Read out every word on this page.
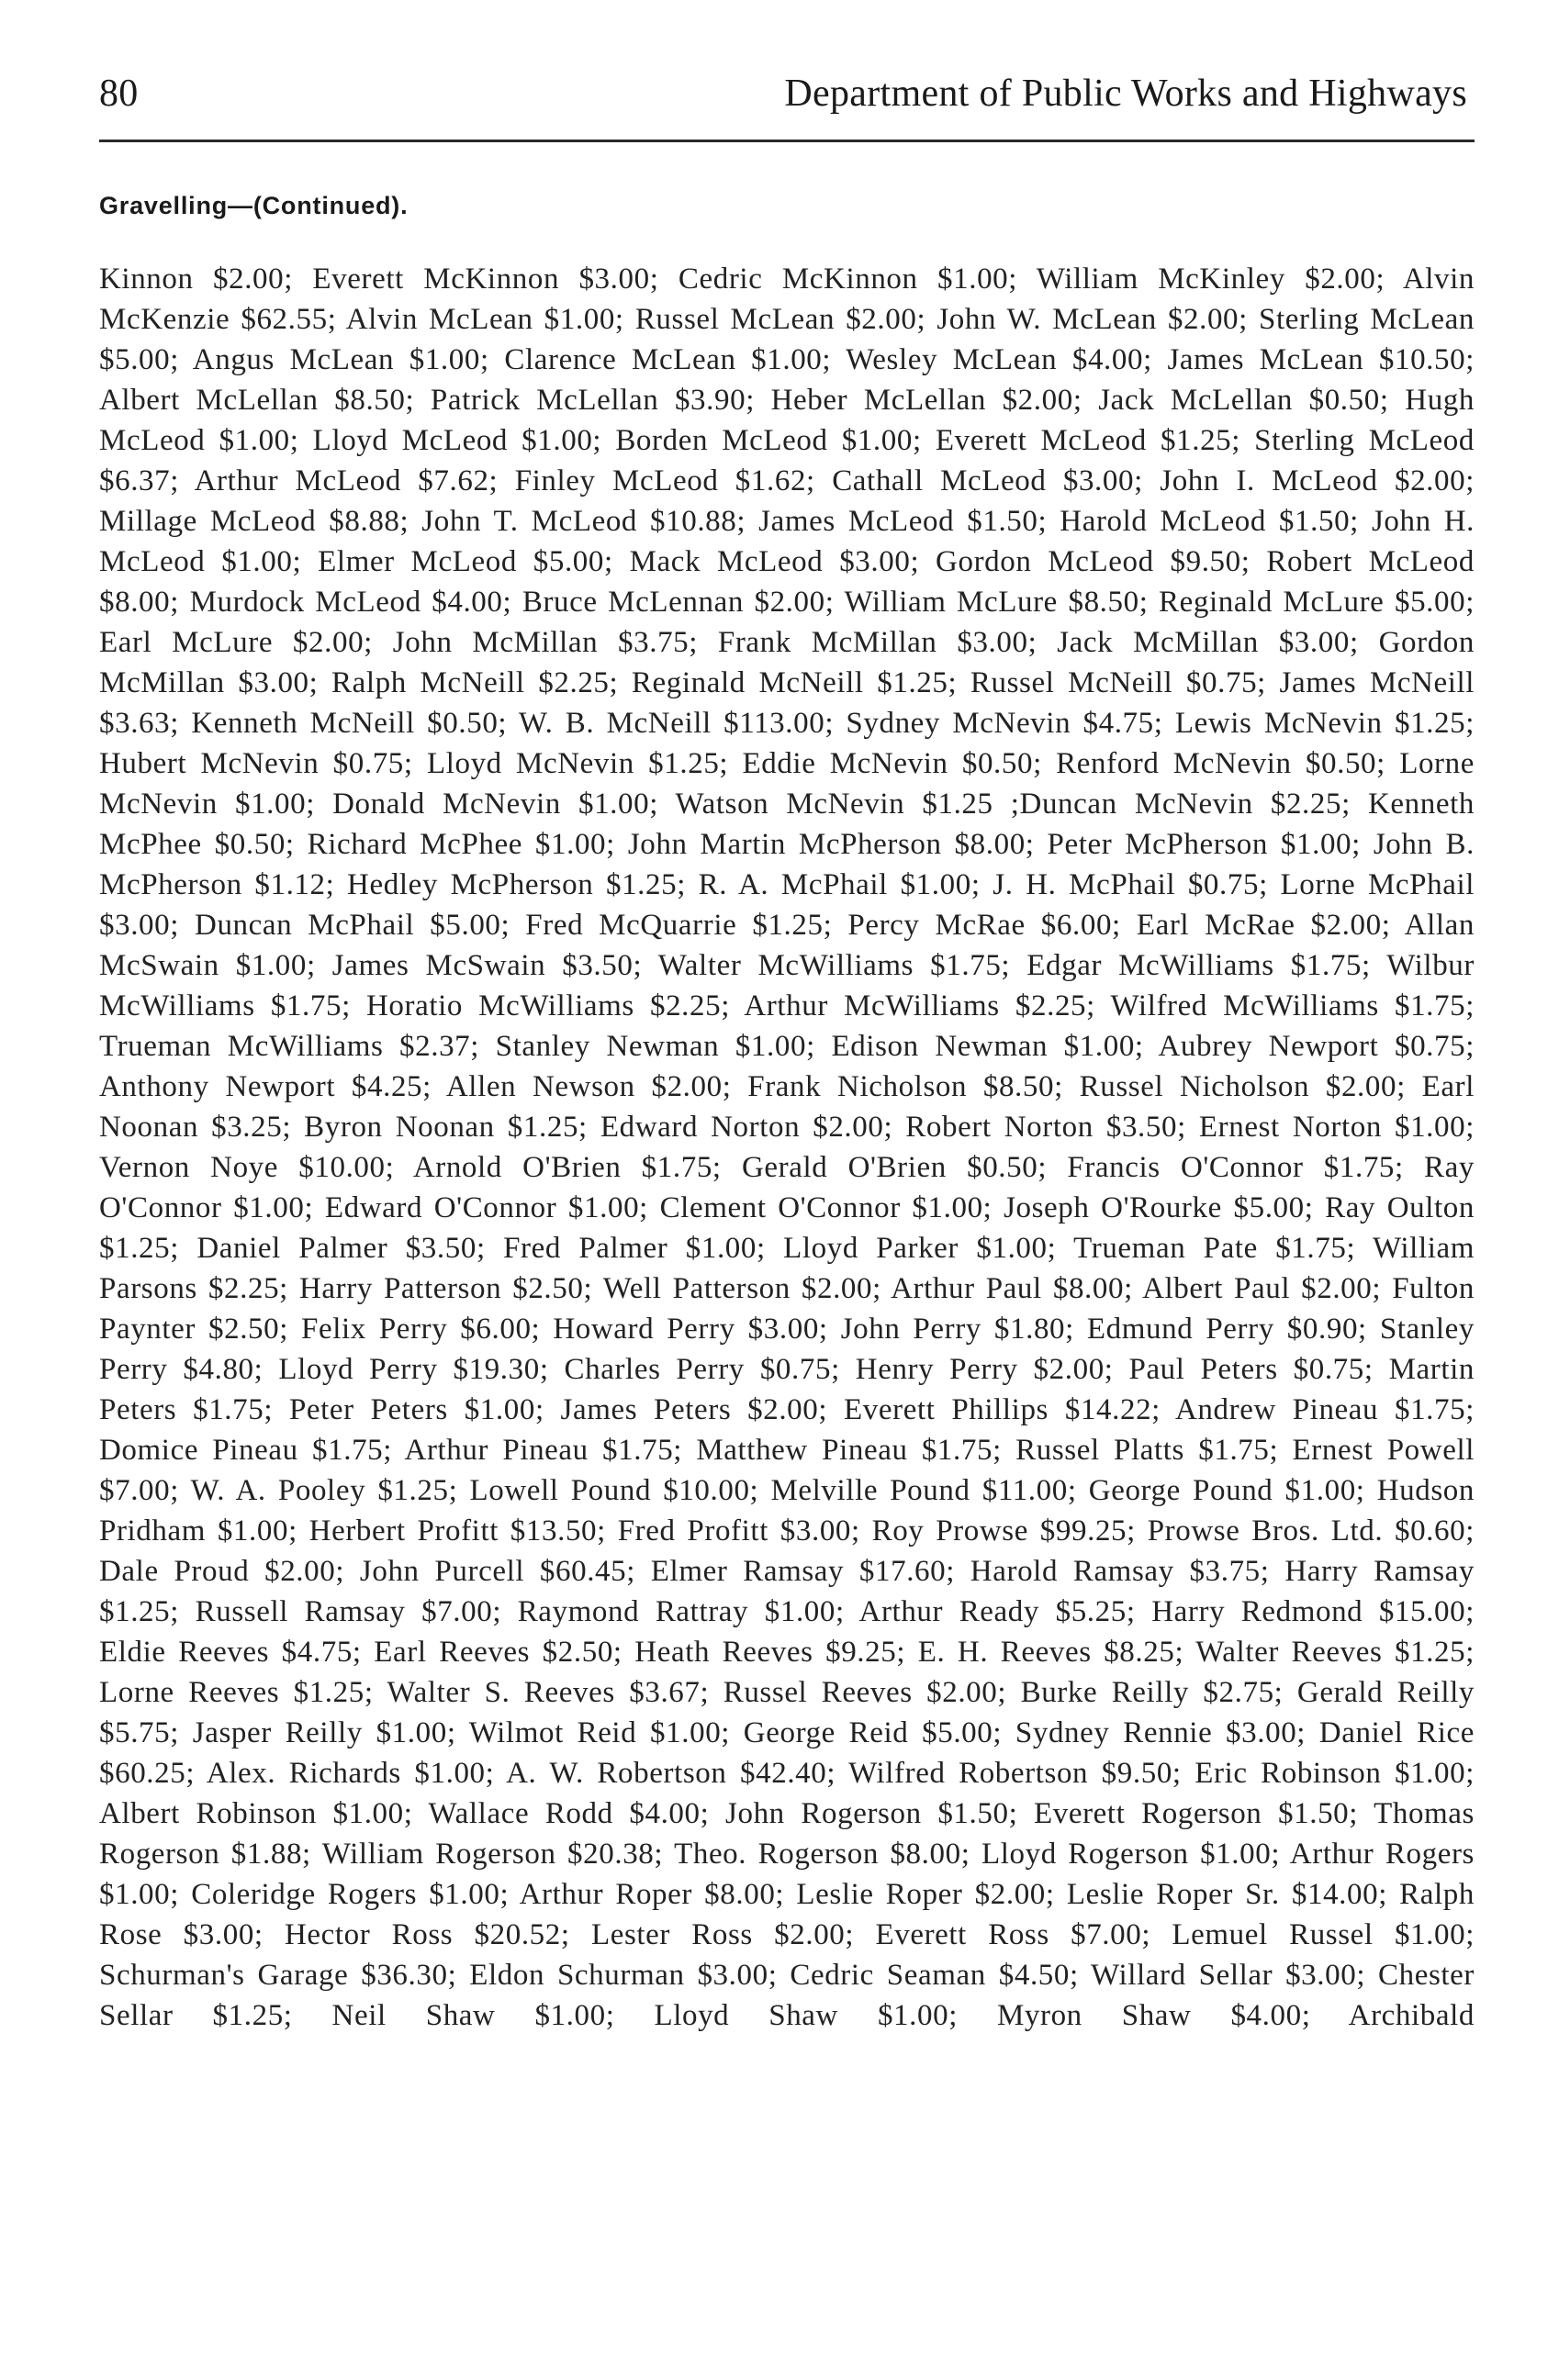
80	Department of Public Works and Highways
Gravelling—(Continued).
Kinnon $2.00; Everett McKinnon $3.00; Cedric McKinnon $1.00; William McKinley $2.00; Alvin McKenzie $62.55; Alvin McLean $1.00; Russel McLean $2.00; John W. McLean $2.00; Sterling McLean $5.00; Angus McLean $1.00; Clarence McLean $1.00; Wesley McLean $4.00; James McLean $10.50; Albert McLellan $8.50; Patrick McLellan $3.90; Heber McLellan $2.00; Jack McLellan $0.50; Hugh McLeod $1.00; Lloyd McLeod $1.00; Borden McLeod $1.00; Everett McLeod $1.25; Sterling McLeod $6.37; Arthur McLeod $7.62; Finley McLeod $1.62; Cathall McLeod $3.00; John I. McLeod $2.00; Millage McLeod $8.88; John T. McLeod $10.88; James McLeod $1.50; Harold McLeod $1.50; John H. McLeod $1.00; Elmer McLeod $5.00; Mack McLeod $3.00; Gordon McLeod $9.50; Robert McLeod $8.00; Murdock McLeod $4.00; Bruce McLennan $2.00; William McLure $8.50; Reginald McLure $5.00; Earl McLure $2.00; John McMillan $3.75; Frank McMillan $3.00; Jack McMillan $3.00; Gordon McMillan $3.00; Ralph McNeill $2.25; Reginald McNeill $1.25; Russel McNeill $0.75; James McNeill $3.63; Kenneth McNeill $0.50; W. B. McNeill $113.00; Sydney McNevin $4.75; Lewis McNevin $1.25; Hubert McNevin $0.75; Lloyd McNevin $1.25; Eddie McNevin $0.50; Renford McNevin $0.50; Lorne McNevin $1.00; Donald McNevin $1.00; Watson McNevin $1.25 ;Duncan McNevin $2.25; Kenneth McPhee $0.50; Richard McPhee $1.00; John Martin McPherson $8.00; Peter McPherson $1.00; John B. McPherson $1.12; Hedley McPherson $1.25; R. A. McPhail $1.00; J. H. McPhail $0.75; Lorne McPhail $3.00; Duncan McPhail $5.00; Fred McQuarrie $1.25; Percy McRae $6.00; Earl McRae $2.00; Allan McSwain $1.00; James McSwain $3.50; Walter McWilliams $1.75; Edgar McWilliams $1.75; Wilbur McWilliams $1.75; Horatio McWilliams $2.25; Arthur McWilliams $2.25; Wilfred McWilliams $1.75; Trueman McWilliams $2.37; Stanley Newman $1.00; Edison Newman $1.00; Aubrey Newport $0.75; Anthony Newport $4.25; Allen Newson $2.00; Frank Nicholson $8.50; Russel Nicholson $2.00; Earl Noonan $3.25; Byron Noonan $1.25; Edward Norton $2.00; Robert Norton $3.50; Ernest Norton $1.00; Vernon Noye $10.00; Arnold O'Brien $1.75; Gerald O'Brien $0.50; Francis O'Connor $1.75; Ray O'Connor $1.00; Edward O'Connor $1.00; Clement O'Connor $1.00; Joseph O'Rourke $5.00; Ray Oulton $1.25; Daniel Palmer $3.50; Fred Palmer $1.00; Lloyd Parker $1.00; Trueman Pate $1.75; William Parsons $2.25; Harry Patterson $2.50; Well Patterson $2.00; Arthur Paul $8.00; Albert Paul $2.00; Fulton Paynter $2.50; Felix Perry $6.00; Howard Perry $3.00; John Perry $1.80; Edmund Perry $0.90; Stanley Perry $4.80; Lloyd Perry $19.30; Charles Perry $0.75; Henry Perry $2.00; Paul Peters $0.75; Martin Peters $1.75; Peter Peters $1.00; James Peters $2.00; Everett Phillips $14.22; Andrew Pineau $1.75; Domice Pineau $1.75; Arthur Pineau $1.75; Matthew Pineau $1.75; Russel Platts $1.75; Ernest Powell $7.00; W. A. Pooley $1.25; Lowell Pound $10.00; Melville Pound $11.00; George Pound $1.00; Hudson Pridham $1.00; Herbert Profitt $13.50; Fred Profitt $3.00; Roy Prowse $99.25; Prowse Bros. Ltd. $0.60; Dale Proud $2.00; John Purcell $60.45; Elmer Ramsay $17.60; Harold Ramsay $3.75; Harry Ramsay $1.25; Russell Ramsay $7.00; Raymond Rattray $1.00; Arthur Ready $5.25; Harry Redmond $15.00; Eldie Reeves $4.75; Earl Reeves $2.50; Heath Reeves $9.25; E. H. Reeves $8.25; Walter Reeves $1.25; Lorne Reeves $1.25; Walter S. Reeves $3.67; Russel Reeves $2.00; Burke Reilly $2.75; Gerald Reilly $5.75; Jasper Reilly $1.00; Wilmot Reid $1.00; George Reid $5.00; Sydney Rennie $3.00; Daniel Rice $60.25; Alex. Richards $1.00; A. W. Robertson $42.40; Wilfred Robertson $9.50; Eric Robinson $1.00; Albert Robinson $1.00; Wallace Rodd $4.00; John Rogerson $1.50; Everett Rogerson $1.50; Thomas Rogerson $1.88; William Rogerson $20.38; Theo. Rogerson $8.00; Lloyd Rogerson $1.00; Arthur Rogers $1.00; Coleridge Rogers $1.00; Arthur Roper $8.00; Leslie Roper $2.00; Leslie Roper Sr. $14.00; Ralph Rose $3.00; Hector Ross $20.52; Lester Ross $2.00; Everett Ross $7.00; Lemuel Russel $1.00; Schurman's Garage $36.30; Eldon Schurman $3.00; Cedric Seaman $4.50; Willard Sellar $3.00; Chester Sellar $1.25; Neil Shaw $1.00; Lloyd Shaw $1.00; Myron Shaw $4.00; Archibald
